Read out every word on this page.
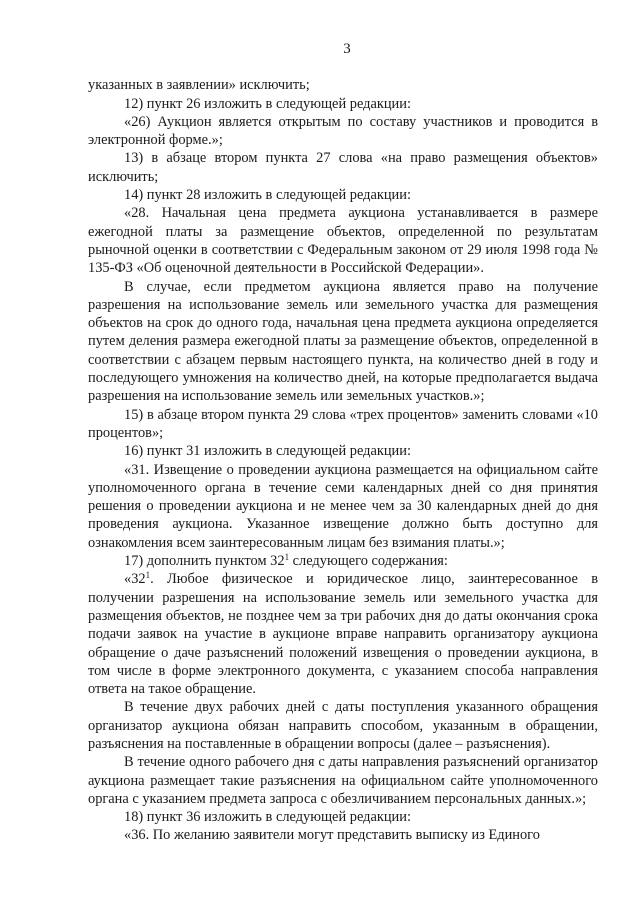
3

указанных в заявлении» исключить;

12) пункт 26 изложить в следующей редакции:

«26) Аукцион является открытым по составу участников и проводится в электронной форме.»;

13) в абзаце втором пункта 27 слова «на право размещения объектов» исключить;

14) пункт 28 изложить в следующей редакции:

«28. Начальная цена предмета аукциона устанавливается в размере ежегодной платы за размещение объектов, определенной по результатам рыночной оценки в соответствии с Федеральным законом от 29 июля 1998 года № 135-ФЗ «Об оценочной деятельности в Российской Федерации».

В случае, если предметом аукциона является право на получение разрешения на использование земель или земельного участка для размещения объектов на срок до одного года, начальная цена предмета аукциона определяется путем деления размера ежегодной платы за размещение объектов, определенной в соответствии с абзацем первым настоящего пункта, на количество дней в году и последующего умножения на количество дней, на которые предполагается выдача разрешения на использование земель или земельных участков.»;

15) в абзаце втором пункта 29 слова «трех процентов» заменить словами «10 процентов»;

16) пункт 31 изложить в следующей редакции:

«31. Извещение о проведении аукциона размещается на официальном сайте уполномоченного органа в течение семи календарных дней со дня принятия решения о проведении аукциона и не менее чем за 30 календарных дней до дня проведения аукциона. Указанное извещение должно быть доступно для ознакомления всем заинтересованным лицам без взимания платы.»;

17) дополнить пунктом $32^1$ следующего содержания:

«$32^1$. Любое физическое и юридическое лицо, заинтересованное в получении разрешения на использование земель или земельного участка для размещения объектов, не позднее чем за три рабочих дня до даты окончания срока подачи заявок на участие в аукционе вправе направить организатору аукциона обращение о даче разъяснений положений извещения о проведении аукциона, в том числе в форме электронного документа, с указанием способа направления ответа на такое обращение.

В течение двух рабочих дней с даты поступления указанного обращения организатор аукциона обязан направить способом, указанным в обращении, разъяснения на поставленные в обращении вопросы (далее – разъяснения).

В течение одного рабочего дня с даты направления разъяснений организатор аукциона размещает такие разъяснения на официальном сайте уполномоченного органа с указанием предмета запроса с обезличиванием персональных данных.»;

18) пункт 36 изложить в следующей редакции:

«36. По желанию заявители могут представить выписку из Единого
